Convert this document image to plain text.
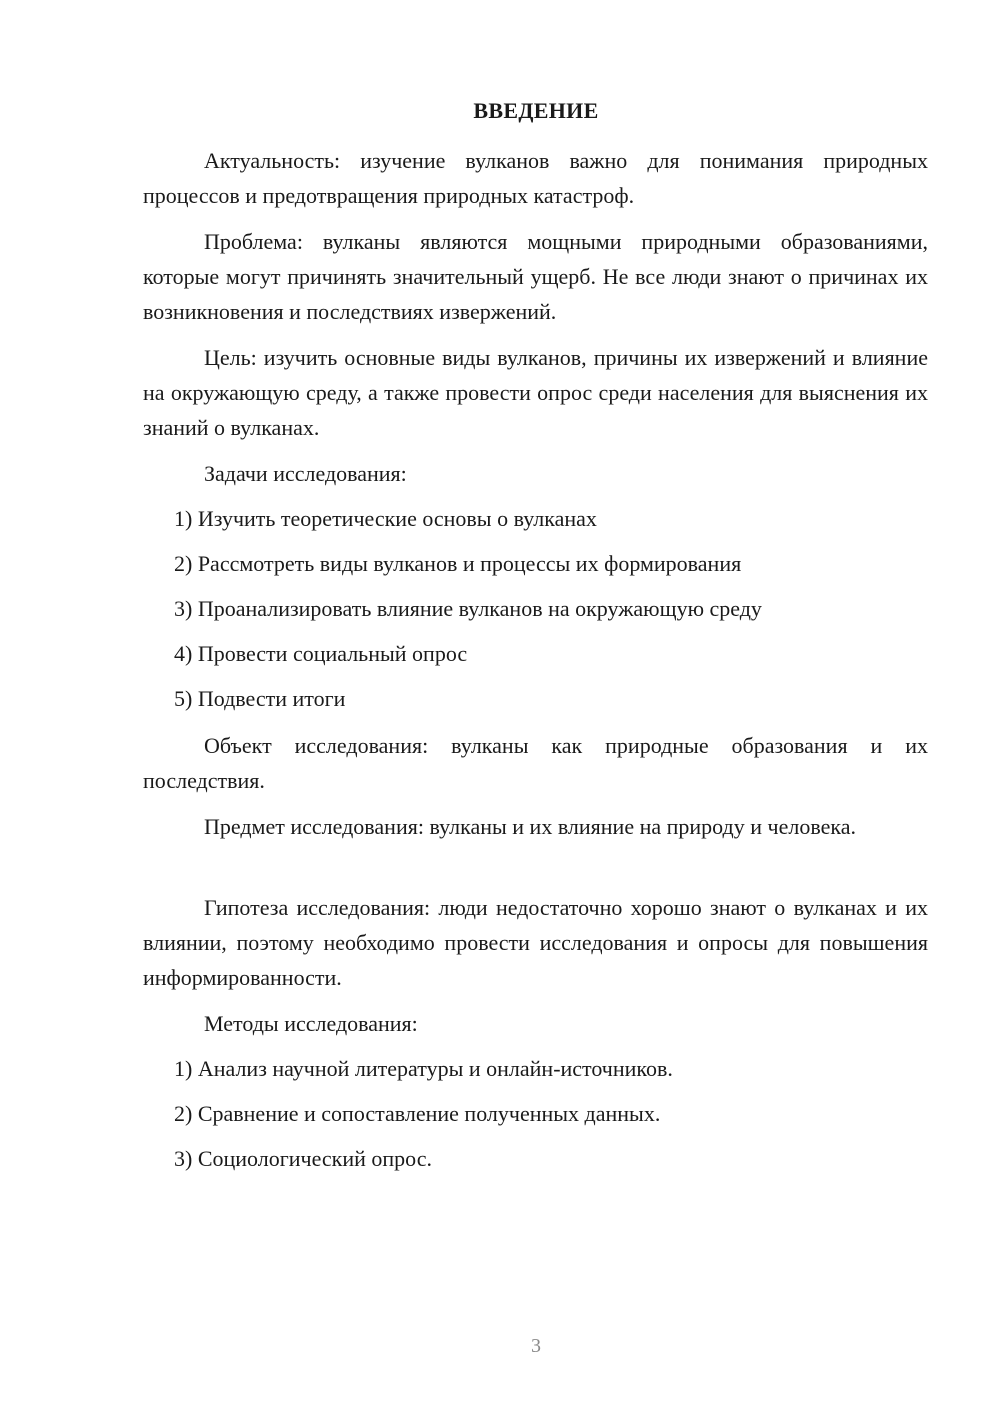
ВВЕДЕНИЕ
Актуальность: изучение вулканов важно для понимания природных процессов и предотвращения природных катастроф.
Проблема: вулканы являются мощными природными образованиями, которые могут причинять значительный ущерб. Не все люди знают о причинах их возникновения и последствиях извержений.
Цель: изучить основные виды вулканов, причины их извержений и влияние на окружающую среду, а также провести опрос среди населения для выяснения их знаний о вулканах.
Задачи исследования:
1) Изучить теоретические основы о вулканах
2) Рассмотреть виды вулканов и процессы их формирования
3) Проанализировать влияние вулканов на окружающую среду
4) Провести социальный опрос
5) Подвести итоги
Объект исследования: вулканы как природные образования и их последствия.
Предмет исследования: вулканы и их влияние на природу и человека.
Гипотеза исследования: люди недостаточно хорошо знают о вулканах и их влиянии, поэтому необходимо провести исследования и опросы для повышения информированности.
Методы исследования:
1) Анализ научной литературы и онлайн-источников.
2) Сравнение и сопоставление полученных данных.
3) Социологический опрос.
3
